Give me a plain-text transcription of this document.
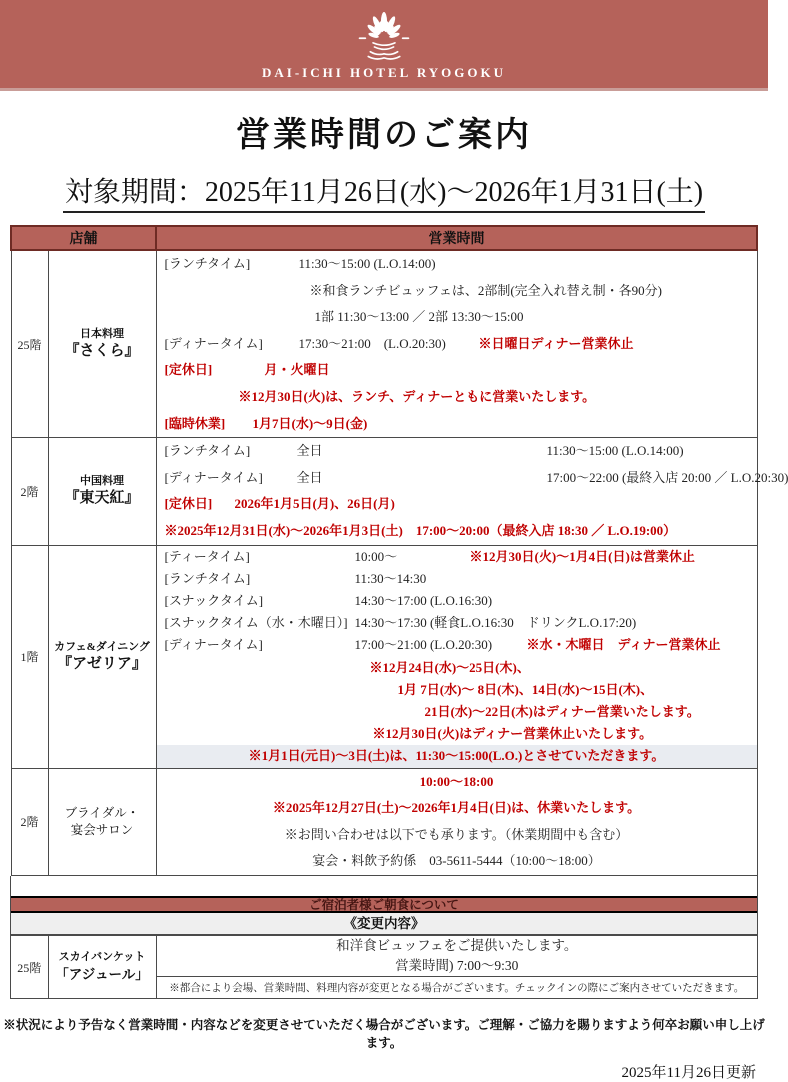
DAI-ICHI HOTEL RYOGOKU
営業時間のご案内
対象期間：2025年11月26日(水)～2026年1月31日(土)
店舗		営業時間
25階	
日本料理
『さくら』

[ランチタイム]	11:30～15:00 (L.O.14:00)
※和食ランチビュッフェは、2部制(完全入れ替え制・各90分)
1部 11:30～13:00 ／ 2部 13:30～15:00
[ディナータイム]	17:30～21:00　(L.O.20:30)	※日曜日ディナー営業休止
[定休日]	月・火曜日
※12月30日(火)は、ランチ、ディナーともに営業いたします。
[臨時休業] 1月7日(水)～9日(金)

2階	
中国料理
『東天紅』

[ランチタイム]	全日	11:30～15:00 (L.O.14:00)
[ディナータイム]	全日	17:00～22:00 (最終入店 20:00 ／ L.O.20:30)
[定休日] 2026年1月5日(月)、26日(月)
※2025年12月31日(水)～2026年1月3日(土)　17:00～20:00（最終入店 18:30 ／ L.O.19:00）

1階	
カフェ&ダイニング
『アゼリア』

[ティータイム]	10:00～	※12月30日(火)～1月4日(日)は営業休止
[ランチタイム]	11:30～14:30
[スナックタイム]	14:30～17:00 (L.O.16:30)
[スナックタイム（水・木曜日）] 14:30～17:30 (軽食L.O.16:30　ドリンクL.O.17:20)
[ディナータイム]	17:00～21:00 (L.O.20:30)	※水・木曜日　ディナー営業休止
※12月24日(水)～25日(木)、
1月 7日(水)～ 8日(木)、14日(水)～15日(木)、
21日(水)～22日(木)はディナー営業いたします。
※12月30日(火)はディナー営業休止いたします。
※1月1日(元日)～3日(土)は、11:30～15:00(L.O.)とさせていただきます。

2階	
ブライダル・
宴会サロン

10:00～18:00
※2025年12月27日(土)～2026年1月4日(日)は、休業いたします。
※お問い合わせは以下でも承ります。（休業期間中も含む）
宴会・料飲予約係　03-5611-5444（10:00～18:00）
ご宿泊者様ご朝食について
《変更内容》
25階	
スカイバンケット
「アジュール」

和洋食ビュッフェをご提供いたします。
営業時間) 7:00～9:30

※都合により会場、営業時間、料理内容が変更となる場合がございます。チェックインの際にご案内させていただきます。
※状況により予告なく営業時間・内容などを変更させていただく場合がございます。ご理解・ご協力を賜りますよう何卒お願い申し上げます。
2025年11月26日更新
